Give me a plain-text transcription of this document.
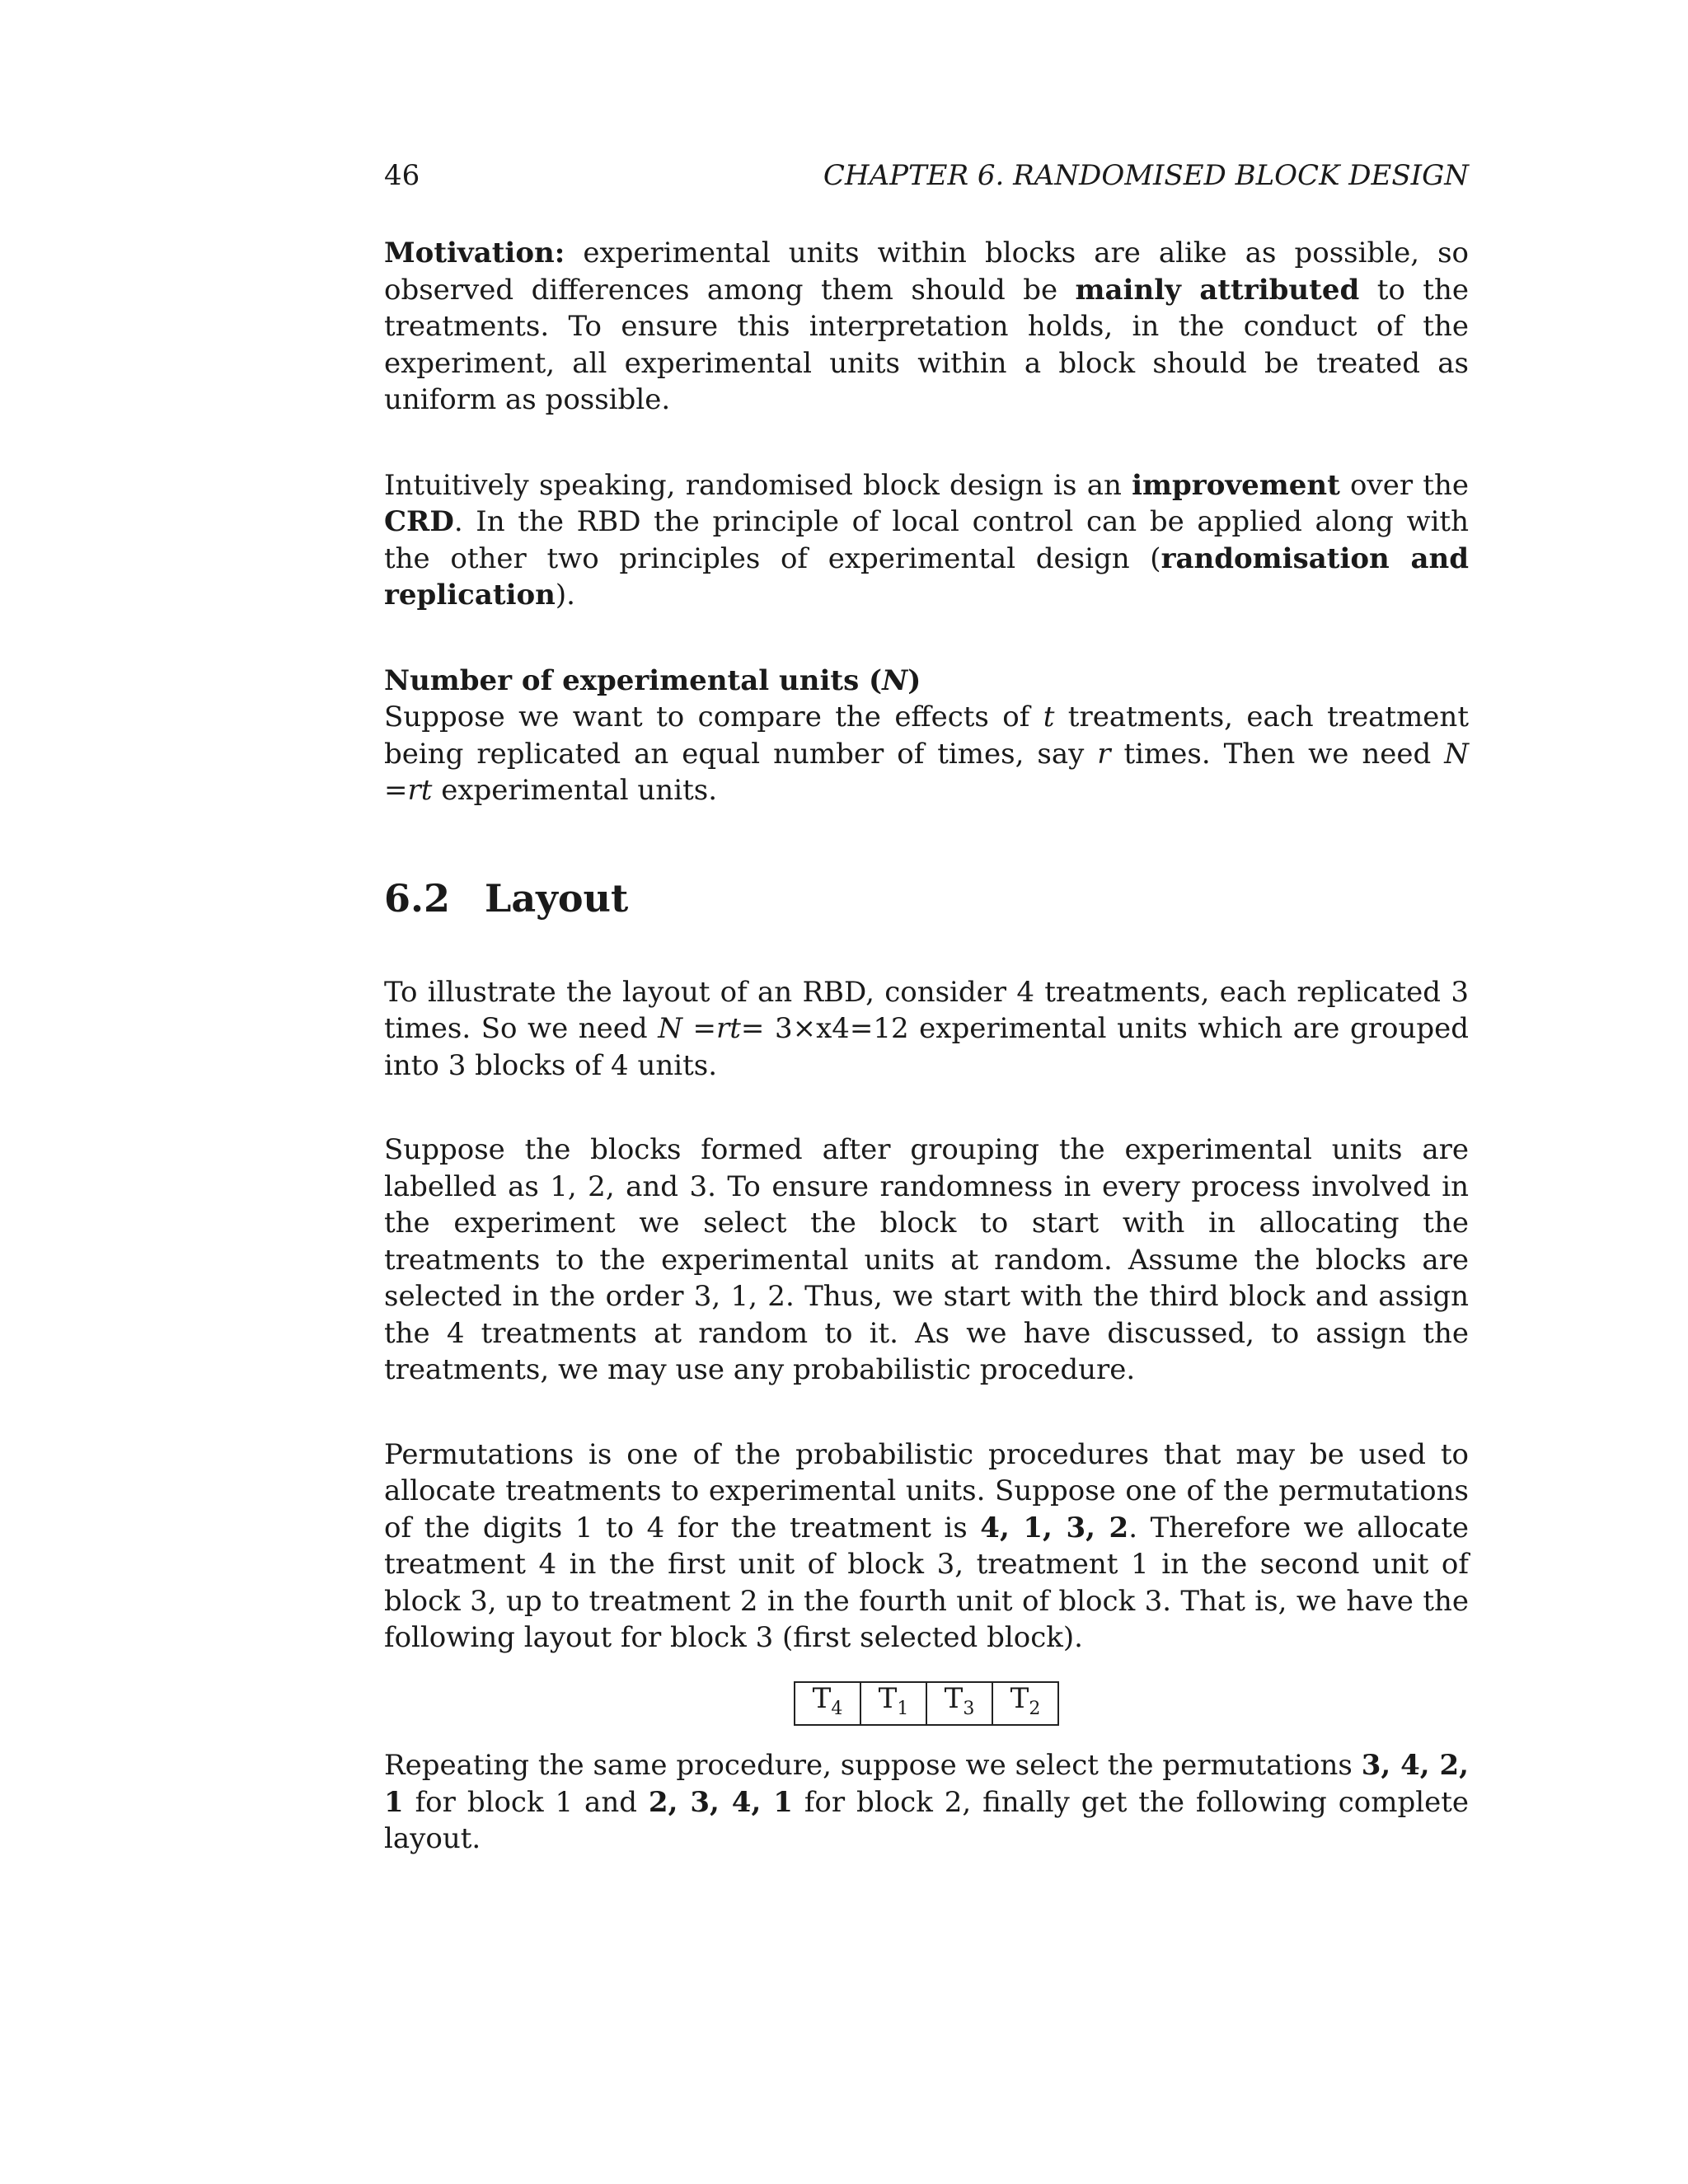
46	CHAPTER 6. RANDOMISED BLOCK DESIGN

Motivation: experimental units within blocks are alike as possible, so observed differences among them should be mainly attributed to the treatments. To ensure this interpretation holds, in the conduct of the experiment, all experimental units within a block should be treated as uniform as possible.

Intuitively speaking, randomised block design is an improvement over the CRD. In the RBD the principle of local control can be applied along with the other two principles of experimental design (randomisation and replication).

Number of experimental units (N)
Suppose we want to compare the effects of t treatments, each treatment being replicated an equal number of times, say r times. Then we need N =rt experimental units.

6.2 Layout

To illustrate the layout of an RBD, consider 4 treatments, each replicated 3 times. So we need N =rt= 3×x4=12 experimental units which are grouped into 3 blocks of 4 units.

Suppose the blocks formed after grouping the experimental units are labelled as 1, 2, and 3. To ensure randomness in every process involved in the experiment we select the block to start with in allocating the treatments to the experimental units at random. Assume the blocks are selected in the order 3, 1, 2. Thus, we start with the third block and assign the 4 treatments at random to it. As we have discussed, to assign the treatments, we may use any probabilistic procedure.

Permutations is one of the probabilistic procedures that may be used to allocate treatments to experimental units. Suppose one of the permutations of the digits 1 to 4 for the treatment is 4, 1, 3, 2. Therefore we allocate treatment 4 in the first unit of block 3, treatment 1 in the second unit of block 3, up to treatment 2 in the fourth unit of block 3. That is, we have the following layout for block 3 (first selected block).

$T_4$	$T_1$	$T_3$	$T_2$

Repeating the same procedure, suppose we select the permutations 3, 4, 2, 1 for block 1 and 2, 3, 4, 1 for block 2, finally get the following complete layout.
